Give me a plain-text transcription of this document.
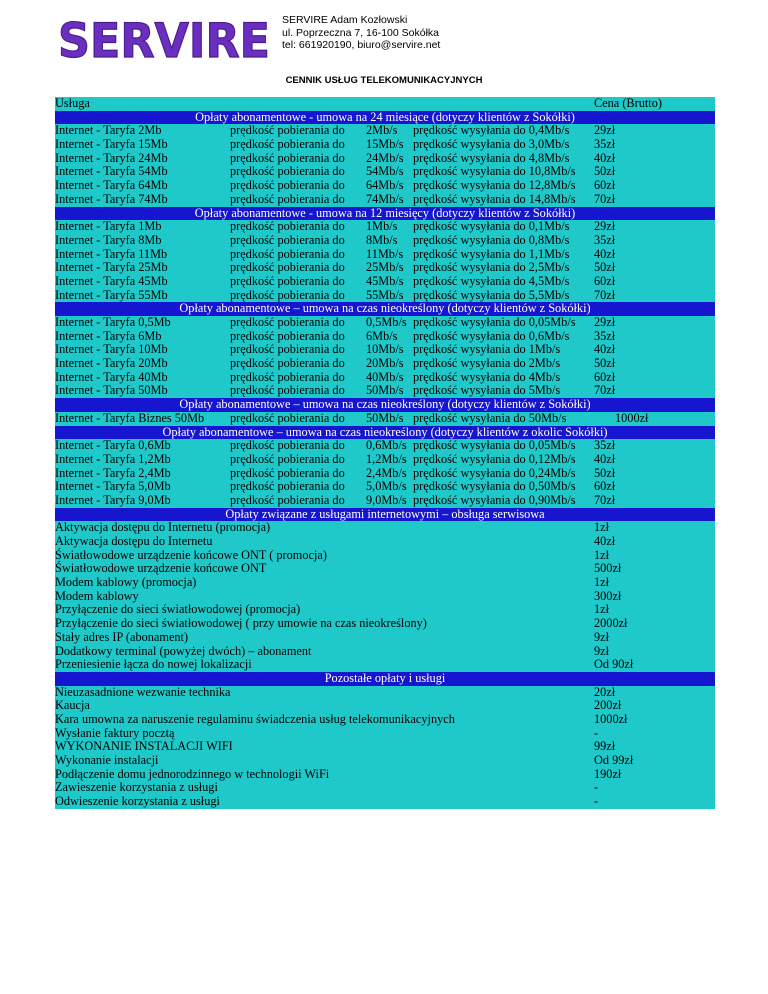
SERVIRE SERVIRE Adam Kozłowski
ul. Poprzeczna 7, 16-100 Sokółka
tel: 661920190, biuro@servire.net
CENNIK USŁUG TELEKOMUNIKACYJNYCH
Usługa	Cena (Brutto)
Opłaty abonamentowe - umowa na 24 miesiące (dotyczy klientów z Sokółki)
Internet - Taryfa 2Mb	prędkość pobierania do 2Mb/s prędkość wysyłania do 0,4Mb/s 29zł
Internet - Taryfa 15Mb	prędkość pobierania do 15Mb/s prędkość wysyłania do 3,0Mb/s 35zł
Internet - Taryfa 24Mb	prędkość pobierania do 24Mb/s prędkość wysyłania do 4,8Mb/s 40zł
Internet - Taryfa 54Mb	prędkość pobierania do 54Mb/s prędkość wysyłania do 10,8Mb/s 50zł
Internet - Taryfa 64Mb	prędkość pobierania do 64Mb/s prędkość wysyłania do 12,8Mb/s 60zł
Internet - Taryfa 74Mb	prędkość pobierania do 74Mb/s prędkość wysyłania do 14,8Mb/s 70zł
Opłaty abonamentowe - umowa na 12 miesięcy (dotyczy klientów z Sokółki)
Internet - Taryfa 1Mb	prędkość pobierania do 1Mb/s prędkość wysyłania do 0,1Mb/s 29zł
Internet - Taryfa 8Mb	prędkość pobierania do 8Mb/s prędkość wysyłania do 0,8Mb/s 35zł
Internet - Taryfa 11Mb	prędkość pobierania do 11Mb/s prędkość wysyłania do 1,1Mb/s 40zł
Internet - Taryfa 25Mb	prędkość pobierania do 25Mb/s prędkość wysyłania do 2,5Mb/s 50zł
Internet - Taryfa 45Mb	prędkość pobierania do 45Mb/s prędkość wysyłania do 4,5Mb/s 60zł
Internet - Taryfa 55Mb	prędkość pobierania do 55Mb/s prędkość wysyłania do 5,5Mb/s 70zł
Opłaty abonamentowe – umowa na czas nieokreślony (dotyczy klientów z Sokółki)
Internet - Taryfa 0,5Mb	prędkość pobierania do 0,5Mb/s prędkość wysyłania do 0,05Mb/s 29zł
Internet - Taryfa 6Mb	prędkość pobierania do 6Mb/s prędkość wysyłania do 0,6Mb/s 35zł
Internet - Taryfa 10Mb	prędkość pobierania do 10Mb/s prędkość wysyłania do 1Mb/s	40zł
Internet - Taryfa 20Mb	prędkość pobierania do 20Mb/s prędkość wysyłania do 2Mb/s	50zł
Internet - Taryfa 40Mb	prędkość pobierania do 40Mb/s prędkość wysyłania do 4Mb/s	60zł
Internet - Taryfa 50Mb	prędkość pobierania do 50Mb/s prędkość wysyłania do 5Mb/s	70zł
Opłaty abonamentowe – umowa na czas nieokreślony (dotyczy klientów z Sokółki)
Internet - Taryfa Biznes 50Mb prędkość pobierania do 50Mb/s prędkość wysyłania do 50Mb/s	1000zł
Opłaty abonamentowe – umowa na czas nieokreślony (dotyczy klientów z okolic Sokółki)
Internet - Taryfa 0,6Mb	prędkość pobierania do 0,6Mb/s prędkość wysyłania do 0,05Mb/s 35zł
Internet - Taryfa 1,2Mb	prędkość pobierania do 1,2Mb/s prędkość wysyłania do 0,12Mb/s 40zł
Internet - Taryfa 2,4Mb	prędkość pobierania do 2,4Mb/s prędkość wysyłania do 0,24Mb/s 50zł
Internet - Taryfa 5,0Mb	prędkość pobierania do 5,0Mb/s prędkość wysyłania do 0,50Mb/s 60zł
Internet - Taryfa 9,0Mb	prędkość pobierania do 9,0Mb/s prędkość wysyłania do 0,90Mb/s 70zł
Opłaty związane z usługami internetowymi – obsługa serwisowa
Aktywacja dostępu do Internetu (promocja)	1zł
Aktywacja dostępu do Internetu	40zł
Światłowodowe urządzenie końcowe ONT ( promocja)	1zł
Światłowodowe urządzenie końcowe ONT	500zł
Modem kablowy (promocja)	1zł
Modem kablowy	300zł
Przyłączenie do sieci światłowodowej (promocja)	1zł
Przyłączenie do sieci światłowodowej ( przy umowie na czas nieokreślony)	2000zł
Stały adres IP (abonament)	9zł
Dodatkowy terminal (powyżej dwóch) – abonament	9zł
Przeniesienie łącza do nowej lokalizacji	Od 90zł
Pozostałe opłaty i usługi
Nieuzasadnione wezwanie technika	20zł
Kaucja	200zł
Kara umowna za naruszenie regulaminu świadczenia usług telekomunikacyjnych	1000zł
Wysłanie faktury pocztą	-
WYKONANIE INSTALACJI WIFI	99zł
Wykonanie instalacji	Od 99zł
Podłączenie domu jednorodzinnego w technologii WiFi	190zł
Zawieszenie korzystania z usługi	-
Odwieszenie korzystania z usługi	-
